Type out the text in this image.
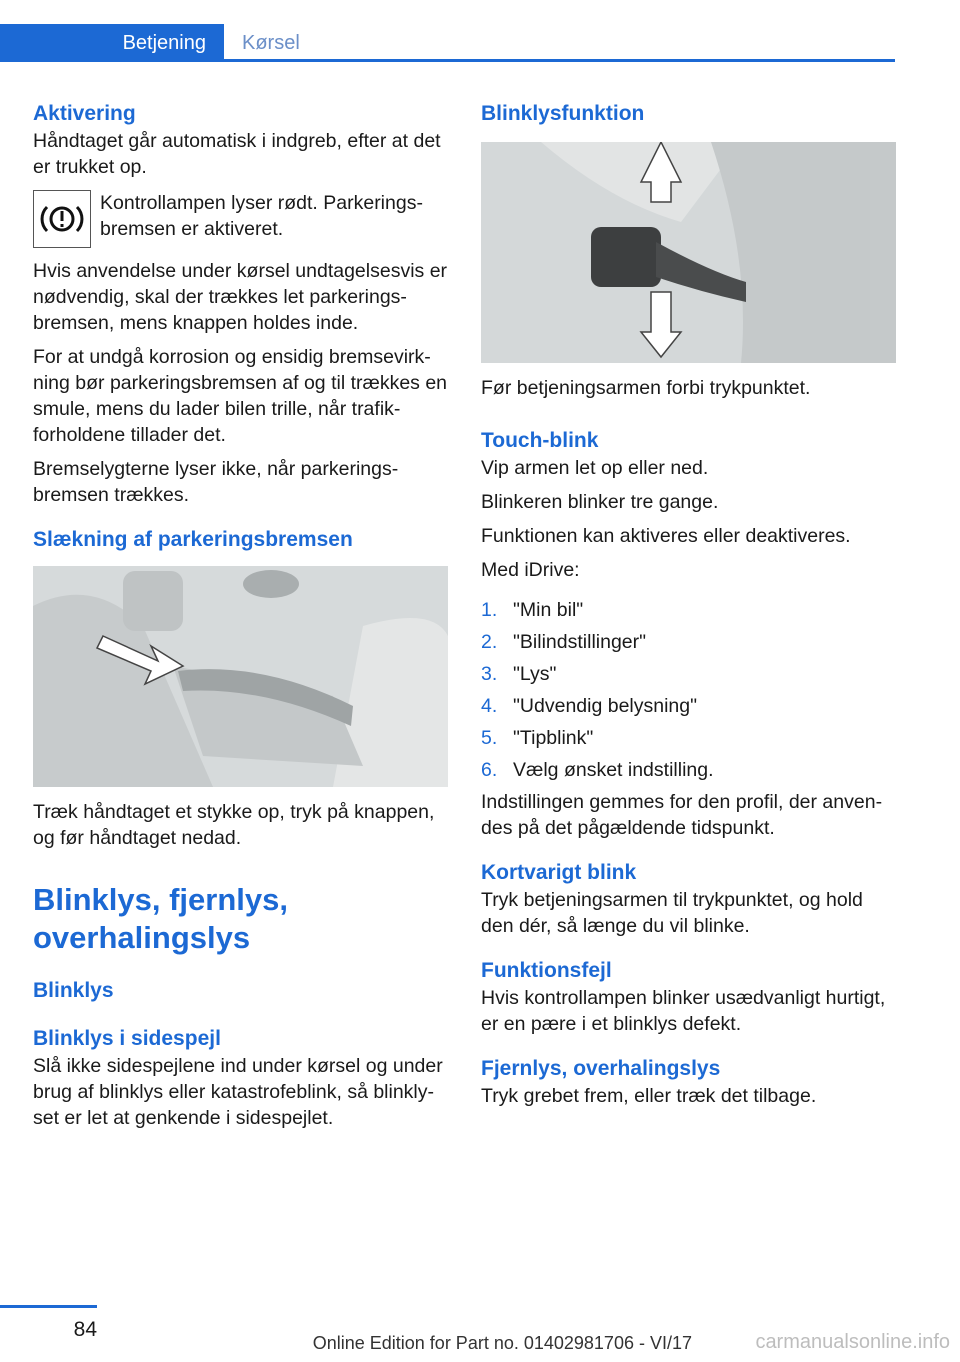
Betjening	Kørsel
Aktivering

Håndtaget går automatisk i indgreb, efter at det er trukket op.

Kontrollampen lyser rødt. Parkeringsbremsen er aktiveret.

Hvis anvendelse under kørsel undtagelsesvis er nødvendig, skal der trækkes let parkeringsbremsen, mens knappen holdes inde.

For at undgå korrosion og ensidig bremsevirkning bør parkeringsbremsen af og til trækkes en smule, mens du lader bilen trille, når trafikforholdene tillader det.

Bremselygterne lyser ikke, når parkeringsbremsen trækkes.

Slækning af parkeringsbremsen

Træk håndtaget et stykke op, tryk på knappen, og før håndtaget nedad.

Blinklys, fjernlys, overhalingslys
Blinklys
Blinklys i sidespejl

Slå ikke sidespejlene ind under kørsel og under brug af blinklys eller katastrofeblink, så blinklyset er let at genkende i sidespejlet.

Blinklysfunktion

Før betjeningsarmen forbi trykpunktet.

Touch-blink

Vip armen let op eller ned.

Blinkeren blinker tre gange.

Funktionen kan aktiveres eller deaktiveres.

Med iDrive:

1. "Min bil"
2. "Bilindstillinger"
3. "Lys"
4. "Udvendig belysning"
5. "Tipblink"
6. Vælg ønsket indstilling.

Indstillingen gemmes for den profil, der anvendes på det pågældende tidspunkt.

Kortvarigt blink

Tryk betjeningsarmen til trykpunktet, og hold den dér, så længe du vil blinke.

Funktionsfejl

Hvis kontrollampen blinker usædvanligt hurtigt, er en pære i et blinklys defekt.

Fjernlys, overhalingslys

Tryk grebet frem, eller træk det tilbage.

84
Online Edition for Part no. 01402981706 - VI/17	carmanualsonline.info
